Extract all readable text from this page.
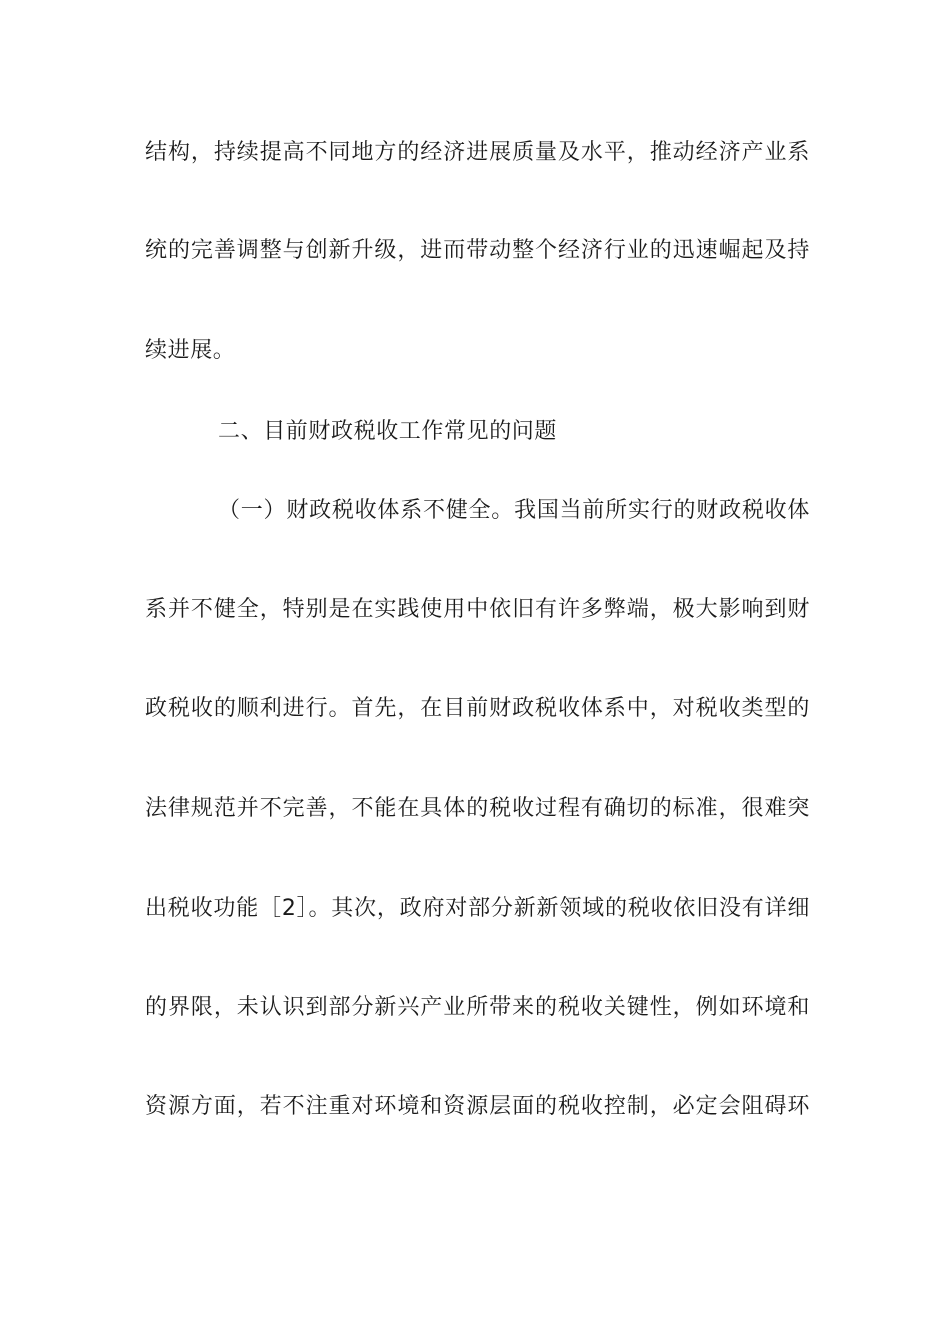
结构，持续提高不同地方的经济进展质量及水平，推动经济产业系
统的完善调整与创新升级，进而带动整个经济行业的迅速崛起及持
续进展。
二、目前财政税收工作常见的问题
（一）财政税收体系不健全。我国当前所实行的财政税收体
系并不健全，特别是在实践使用中依旧有许多弊端，极大影响到财
政税收的顺利进行。首先，在目前财政税收体系中，对税收类型的
法律规范并不完善，不能在具体的税收过程有确切的标准，很难突
出税收功能［2］。其次，政府对部分新新领域的税收依旧没有详细
的界限，未认识到部分新兴产业所带来的税收关键性，例如环境和
资源方面，若不注重对环境和资源层面的税收控制，必定会阻碍环
